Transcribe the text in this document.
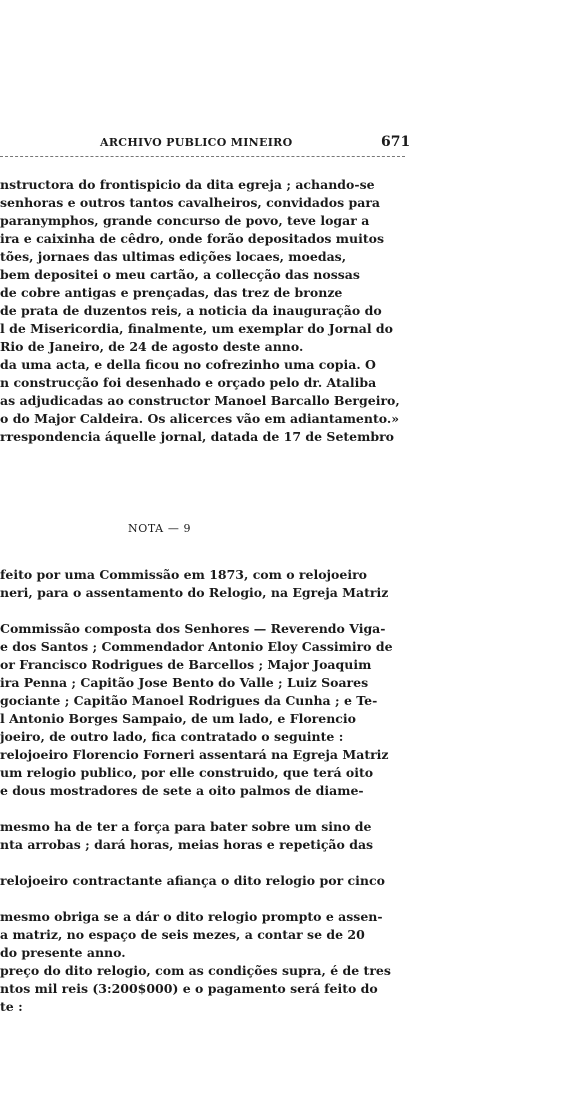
ARCHIVO PUBLICO MINEIRO	671
nstructora do frontispicio da dita egreja ; achando-se
senhoras e outros tantos cavalheiros, convidados para
paranymphos, grande concurso de povo, teve logar a
ira e caixinha de cêdro, onde forão depositados muitos
tões, jornaes das ultimas edições locaes, moedas,
bem depositei o meu cartão, a collecção das nossas
de cobre antigas e prençadas, das trez de bronze
de prata de duzentos reis, a noticia da inauguração do
l de Misericordia, finalmente, um exemplar do Jornal do
Rio de Janeiro, de 24 de agosto deste anno.
da uma acta, e della ficou no cofrezinho uma copia. O
n construcção foi desenhado e orçado pelo dr. Ataliba
as adjudicadas ao constructor Manoel Barcallo Bergeiro,
o do Major Caldeira. Os alicerces vão em adiantamento.»
rrespondencia áquelle jornal, datada de 17 de Setembro
NOTA — 9
feito por uma Commissão em 1873, com o relojoeiro
neri, para o assentamento do Relogio, na Egreja Matriz
Commissão composta dos Senhores — Reverendo Viga-
e dos Santos ; Commendador Antonio Eloy Cassimiro de
or Francisco Rodrigues de Barcellos ; Major Joaquim
ira Penna ; Capitão Jose Bento do Valle ; Luiz Soares
gociante ; Capitão Manoel Rodrigues da Cunha ; e Te-
l Antonio Borges Sampaio, de um lado, e Florencio
joeiro, de outro lado, fica contratado o seguinte :
relojoeiro Florencio Forneri assentará na Egreja Matriz
um relogio publico, por elle construido, que terá oito
e dous mostradores de sete a oito palmos de diame-
mesmo ha de ter a força para bater sobre um sino de
nta arrobas ; dará horas, meias horas e repetição das
relojoeiro contractante afiança o dito relogio por cinco
mesmo obriga se a dár o dito relogio prompto e assen-
a matriz, no espaço de seis mezes, a contar se de 20
do presente anno.
preço do dito relogio, com as condições supra, é de tres
ntos mil reis (3:200$000) e o pagamento será feito do
te :
